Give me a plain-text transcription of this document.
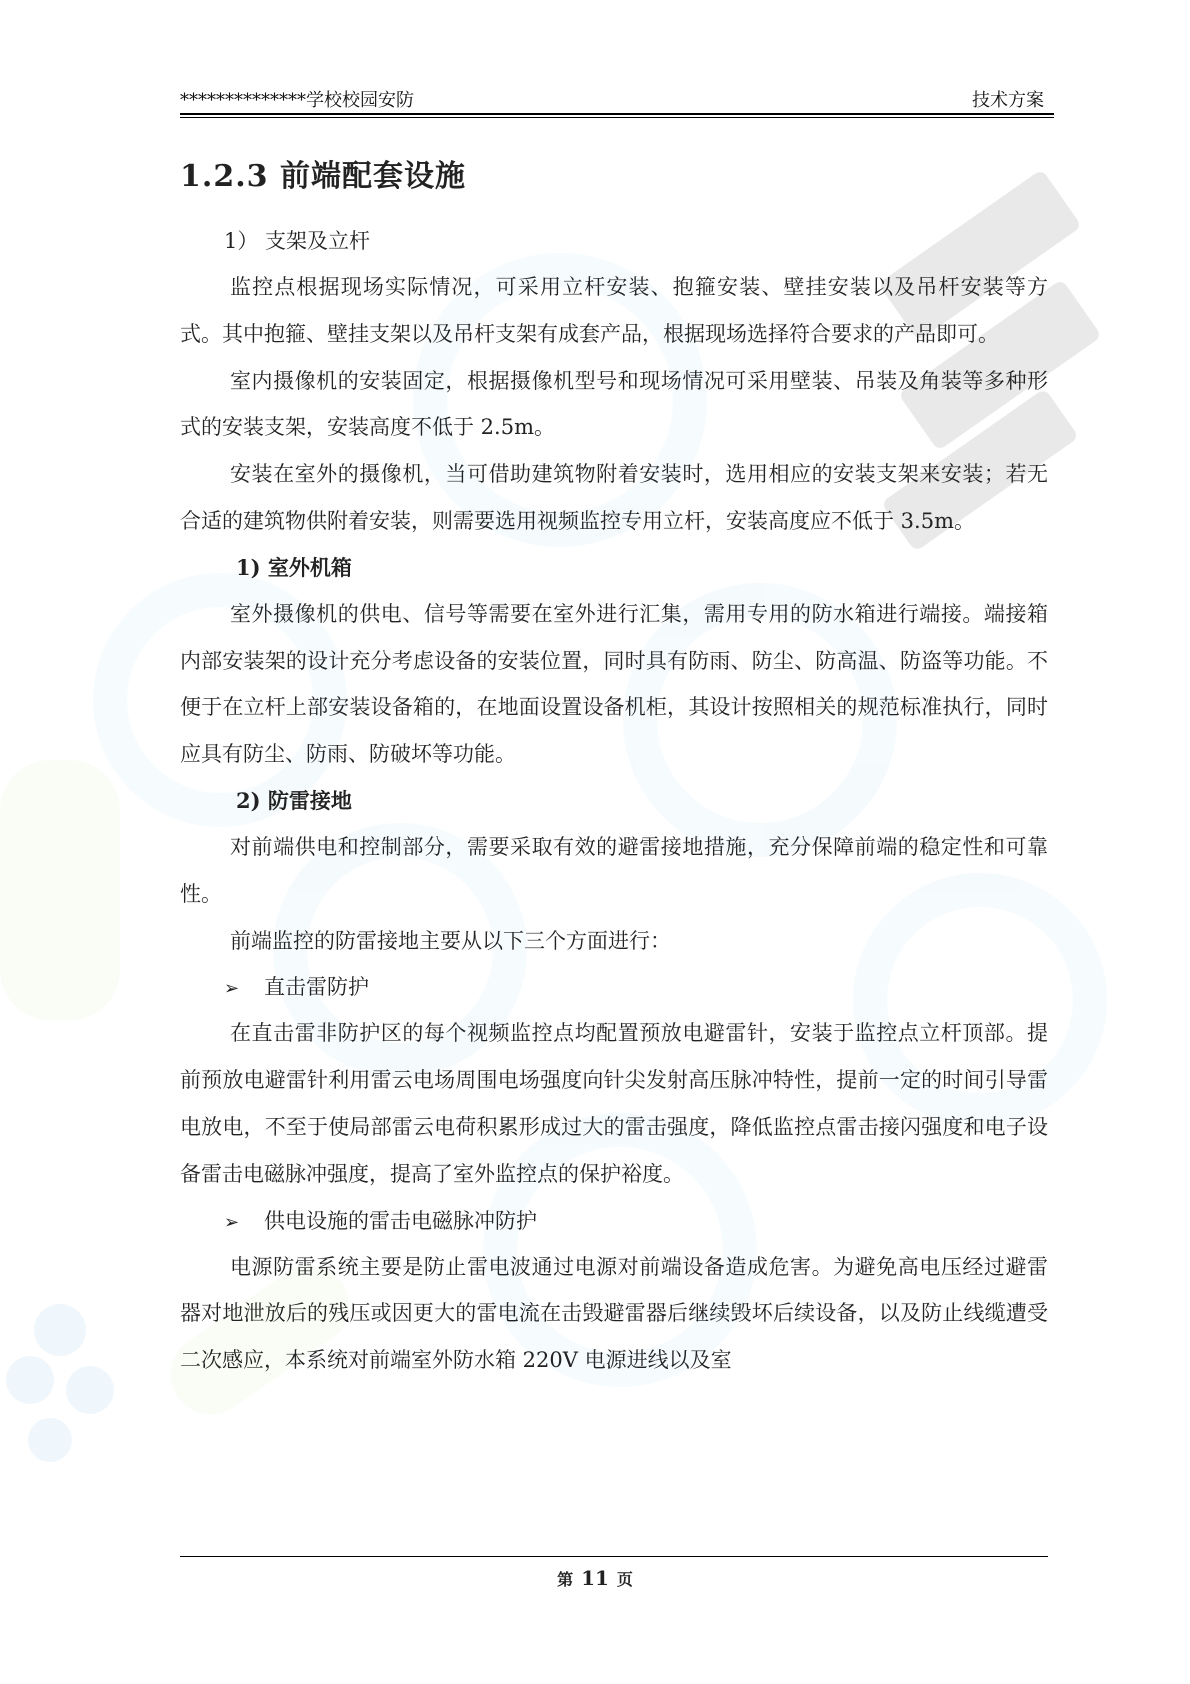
**************学校校园安防	技术方案
1.2.3 前端配套设施

1） 支架及立杆

监控点根据现场实际情况，可采用立杆安装、抱箍安装、壁挂安装以及吊杆安装等方式。其中抱箍、壁挂支架以及吊杆支架有成套产品，根据现场选择符合要求的产品即可。

室内摄像机的安装固定，根据摄像机型号和现场情况可采用壁装、吊装及角装等多种形式的安装支架，安装高度不低于 2.5m。

安装在室外的摄像机，当可借助建筑物附着安装时，选用相应的安装支架来安装；若无合适的建筑物供附着安装，则需要选用视频监控专用立杆，安装高度应不低于 3.5m。

1) 室外机箱

室外摄像机的供电、信号等需要在室外进行汇集，需用专用的防水箱进行端接。端接箱内部安装架的设计充分考虑设备的安装位置，同时具有防雨、防尘、防高温、防盗等功能。不便于在立杆上部安装设备箱的，在地面设置设备机柜，其设计按照相关的规范标准执行，同时应具有防尘、防雨、防破坏等功能。

2) 防雷接地

对前端供电和控制部分，需要采取有效的避雷接地措施，充分保障前端的稳定性和可靠性。

前端监控的防雷接地主要从以下三个方面进行：

➢ 直击雷防护

在直击雷非防护区的每个视频监控点均配置预放电避雷针，安装于监控点立杆顶部。提前预放电避雷针利用雷云电场周围电场强度向针尖发射高压脉冲特性，提前一定的时间引导雷电放电，不至于使局部雷云电荷积累形成过大的雷击强度，降低监控点雷击接闪强度和电子设备雷击电磁脉冲强度，提高了室外监控点的保护裕度。

➢ 供电设施的雷击电磁脉冲防护

电源防雷系统主要是防止雷电波通过电源对前端设备造成危害。为避免高电压经过避雷器对地泄放后的残压或因更大的雷电流在击毁避雷器后继续毁坏后续设备，以及防止线缆遭受二次感应，本系统对前端室外防水箱 220V 电源进线以及室

第 11 页
